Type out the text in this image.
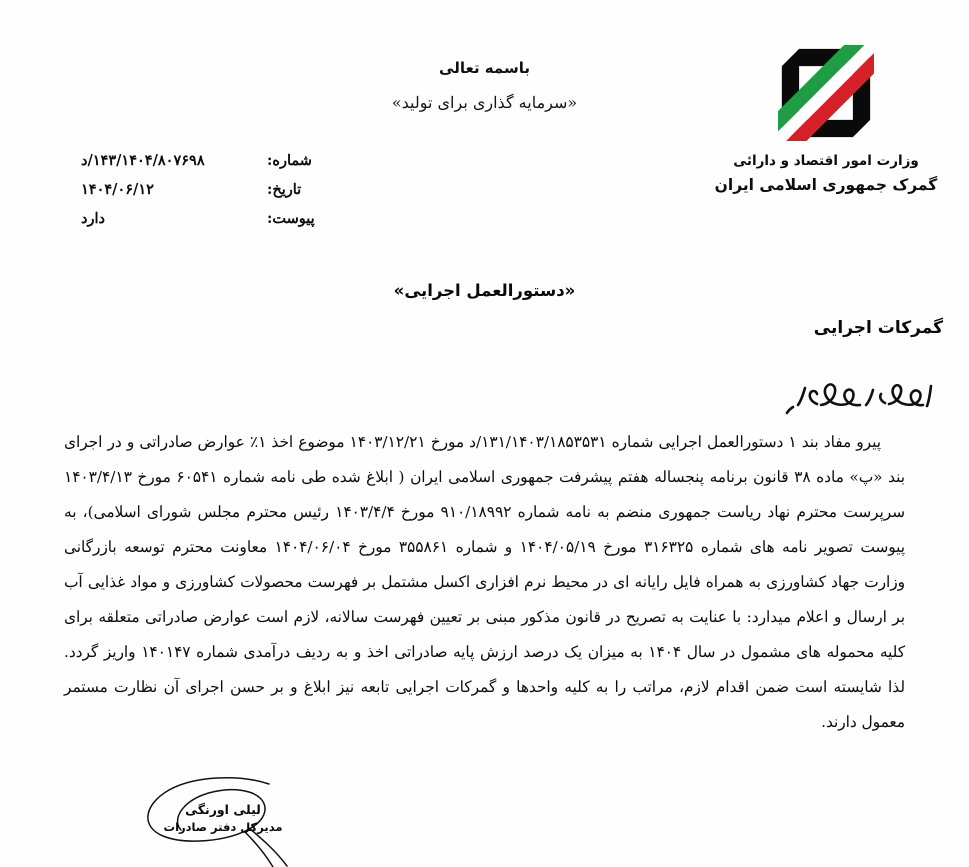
باسمه تعالی
«سرمایه گذاری برای تولید»
وزارت امور اقتصاد و دارائی
گمرک جمهوری اسلامی ایران
شماره:
۱۴۳/۱۴۰۴/۸۰۷۶۹۸/د
تاریخ:
۱۴۰۴/۰۶/۱۲
پیوست:
دارد
«دستورالعمل اجرایی»
گمرکات اجرایی

پیرو مفاد بند ۱ دستورالعمل اجرایی شماره ۱۳۱/۱۴۰۳/۱۸۵۳۵۳۱/د مورخ ۱۴۰۳/۱۲/۲۱ موضوع اخذ ۱٪ عوارض صادراتی و در اجرای بند «پ» ماده ۳۸ قانون برنامه پنجساله هفتم پیشرفت جمهوری اسلامی ایران ( ابلاغ شده طی نامه شماره ۶۰۵۴۱ مورخ ۱۴۰۳/۴/۱۳ سرپرست محترم نهاد ریاست جمهوری منضم به نامه شماره ۹۱۰/۱۸۹۹۲ مورخ ۱۴۰۳/۴/۴ رئیس محترم مجلس شورای اسلامی)، به پیوست تصویر نامه های شماره ۳۱۶۳۲۵ مورخ ۱۴۰۴/۰۵/۱۹ و شماره ۳۵۵۸۶۱ مورخ ۱۴۰۴/۰۶/۰۴ معاونت محترم توسعه بازرگانی وزارت جهاد کشاورزی به همراه فایل رایانه ای در محیط نرم افزاری اکسل مشتمل بر فهرست محصولات کشاورزی و مواد غذایی آب بر ارسال و اعلام میدارد: با عنایت به تصریح در قانون مذکور مبنی بر تعیین فهرست سالانه، لازم است عوارض صادراتی متعلقه برای کلیه محموله های مشمول در سال ۱۴۰۴ به میزان یک درصد ارزش پایه صادراتی اخذ و به ردیف درآمدی شماره ۱۴۰۱۴۷ واریز گردد. لذا شایسته است ضمن اقدام لازم، مراتب را به کلیه واحدها و گمرکات اجرایی تابعه نیز ابلاغ و بر حسن اجرای آن نظارت مستمر معمول دارند.

لیلی اورنگی
مدیرکل دفتر صادرات
